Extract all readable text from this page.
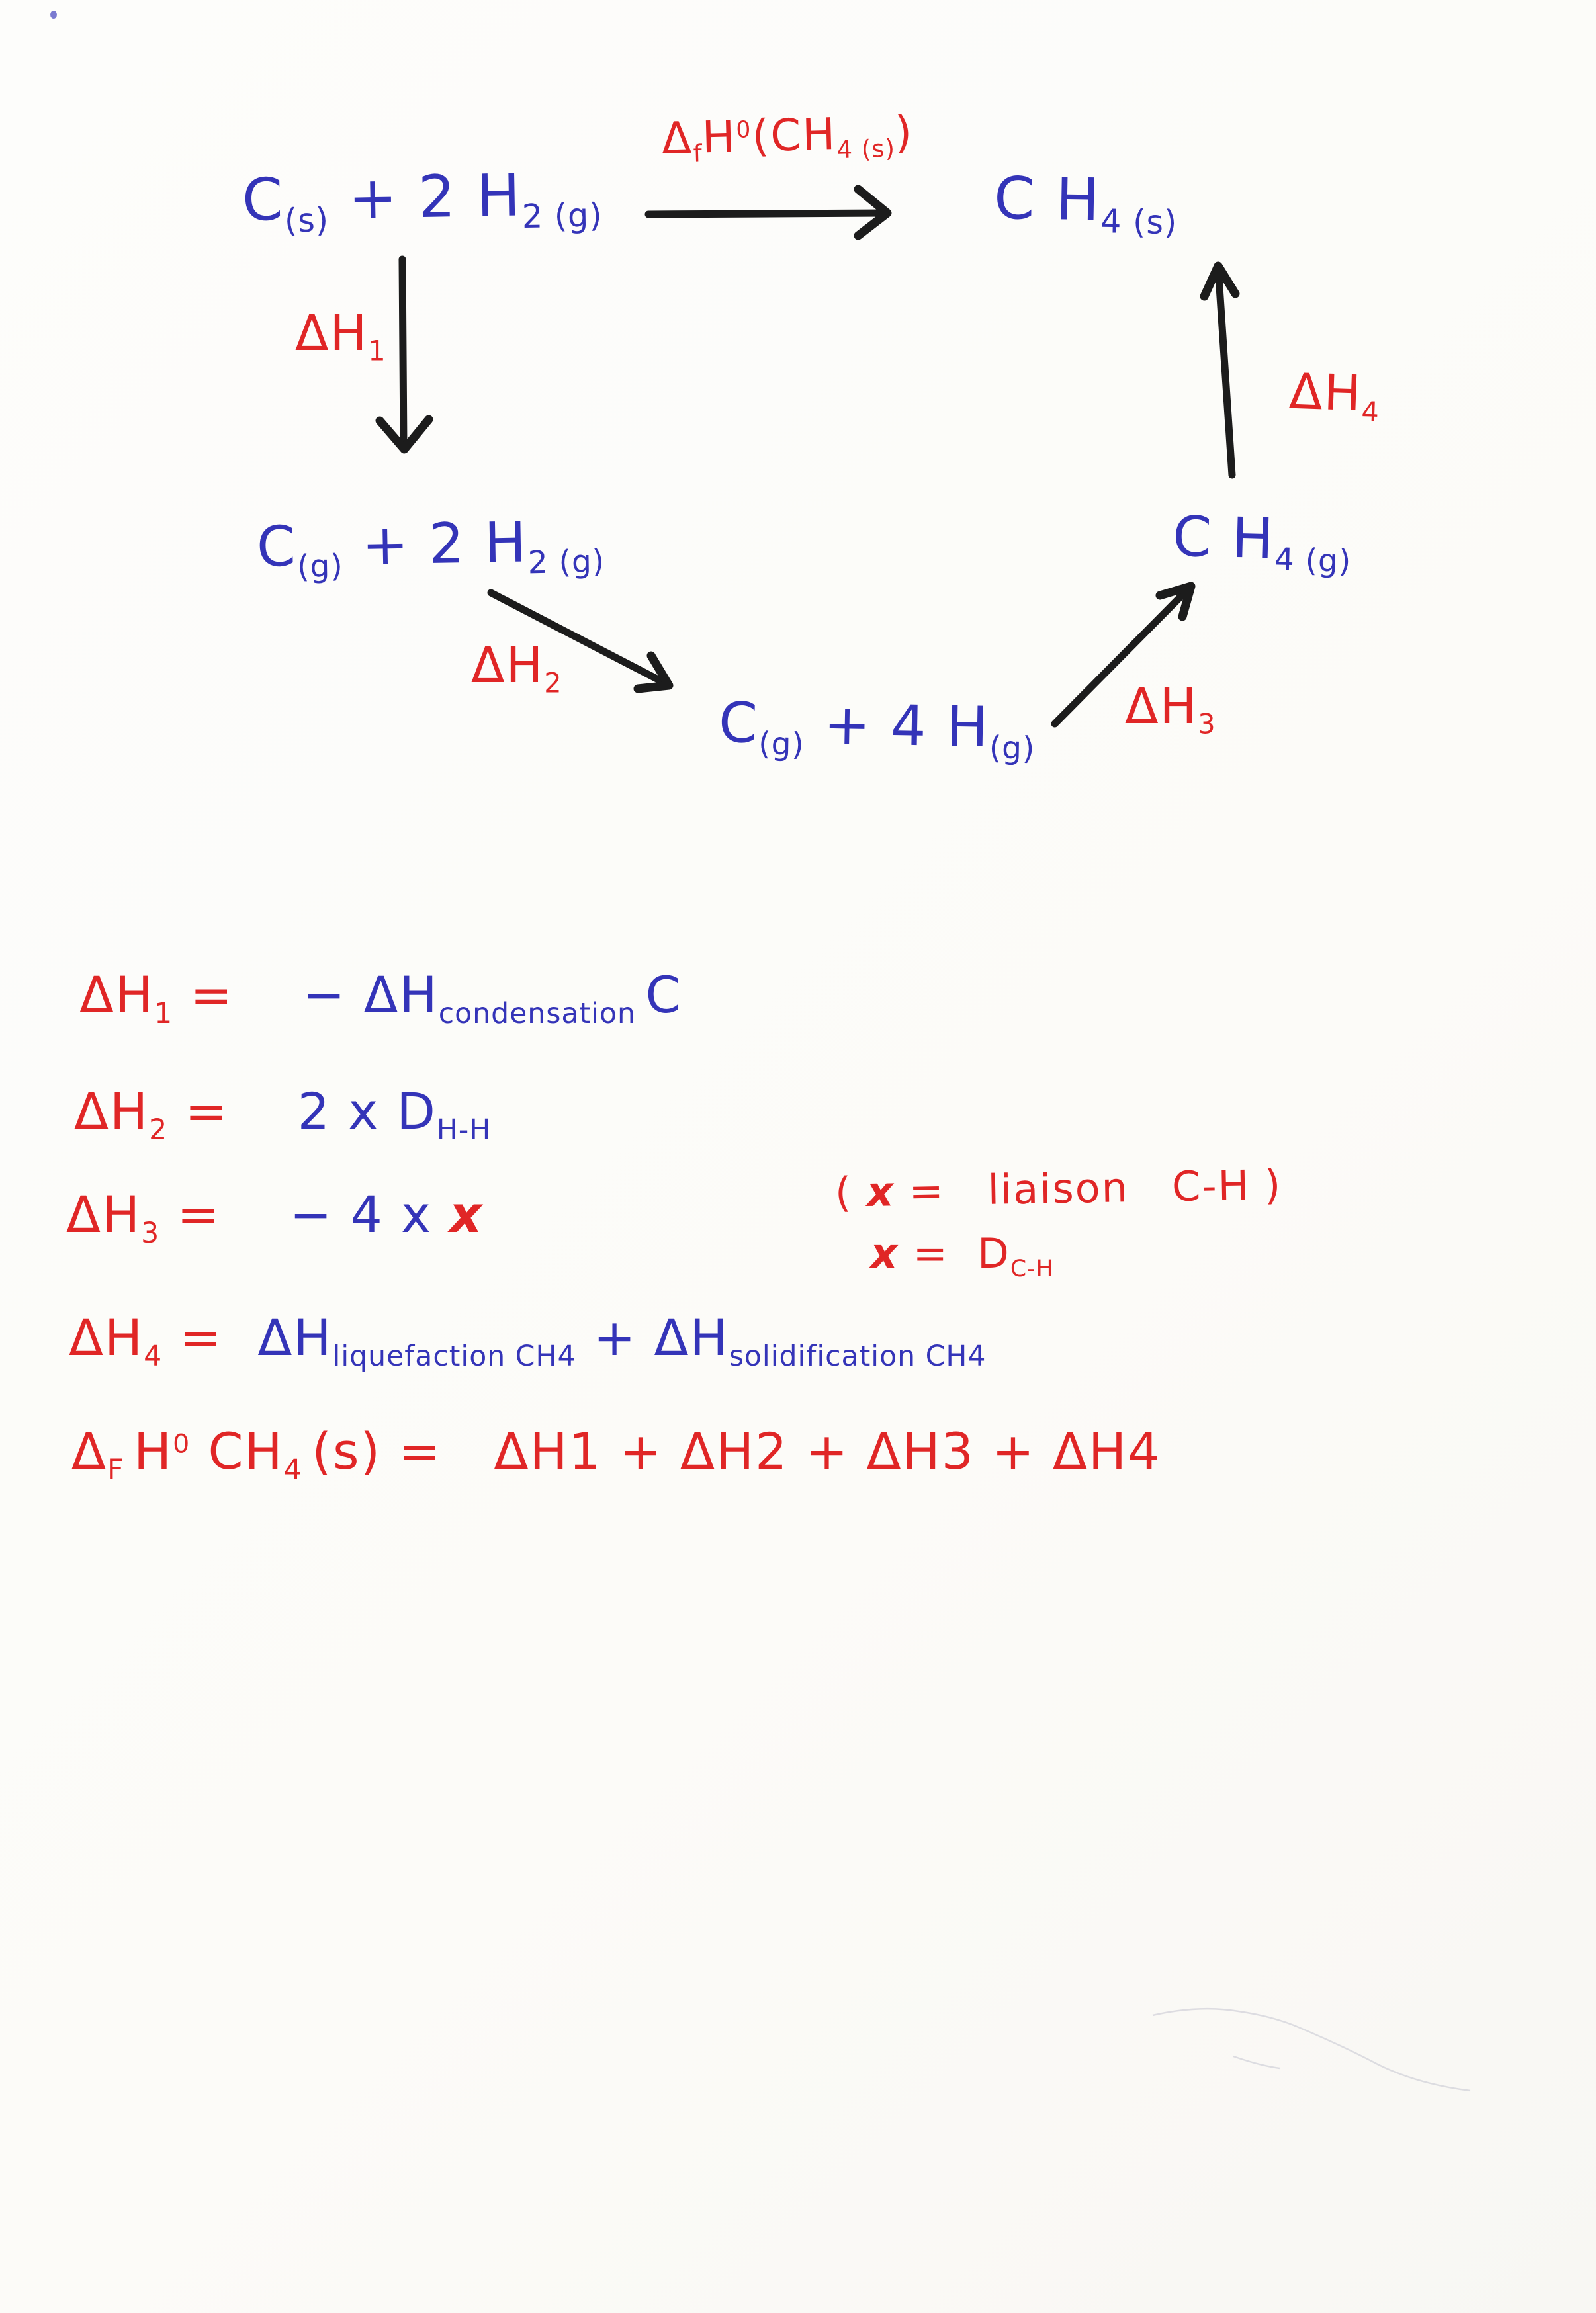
$\Delta_fH^0(CH_{4 (s)})$
$C_{(s)} + 2$ $H_{2 (g)}$	C $H_{4 (s)}$
$C_{(g)} + 2$ $H_{2 (g)}$
$C_{(g)} + 4$ $H_{(g)}$
C $H_{4 (g)}$
$\Delta H_1$
$\Delta H_2$	$\Delta H_3$
$\Delta H_4$
$\Delta H_1$ =    − $\Delta H_{condensation}$ C
$\Delta H_2$ =    2 x $D_{H-H}$
$\Delta H_3$ =    − 4 x x
$\Delta H_4 = \Delta H_{liquefaction CH4} + \Delta H_{solidification CH4}$
$\Delta_F$ $H^0$ $CH_4$ (s) =   ΔH1 + ΔH2 + ΔH3 + ΔH4
( x =   liaison   C-H )
$x = D_{C-H}$
